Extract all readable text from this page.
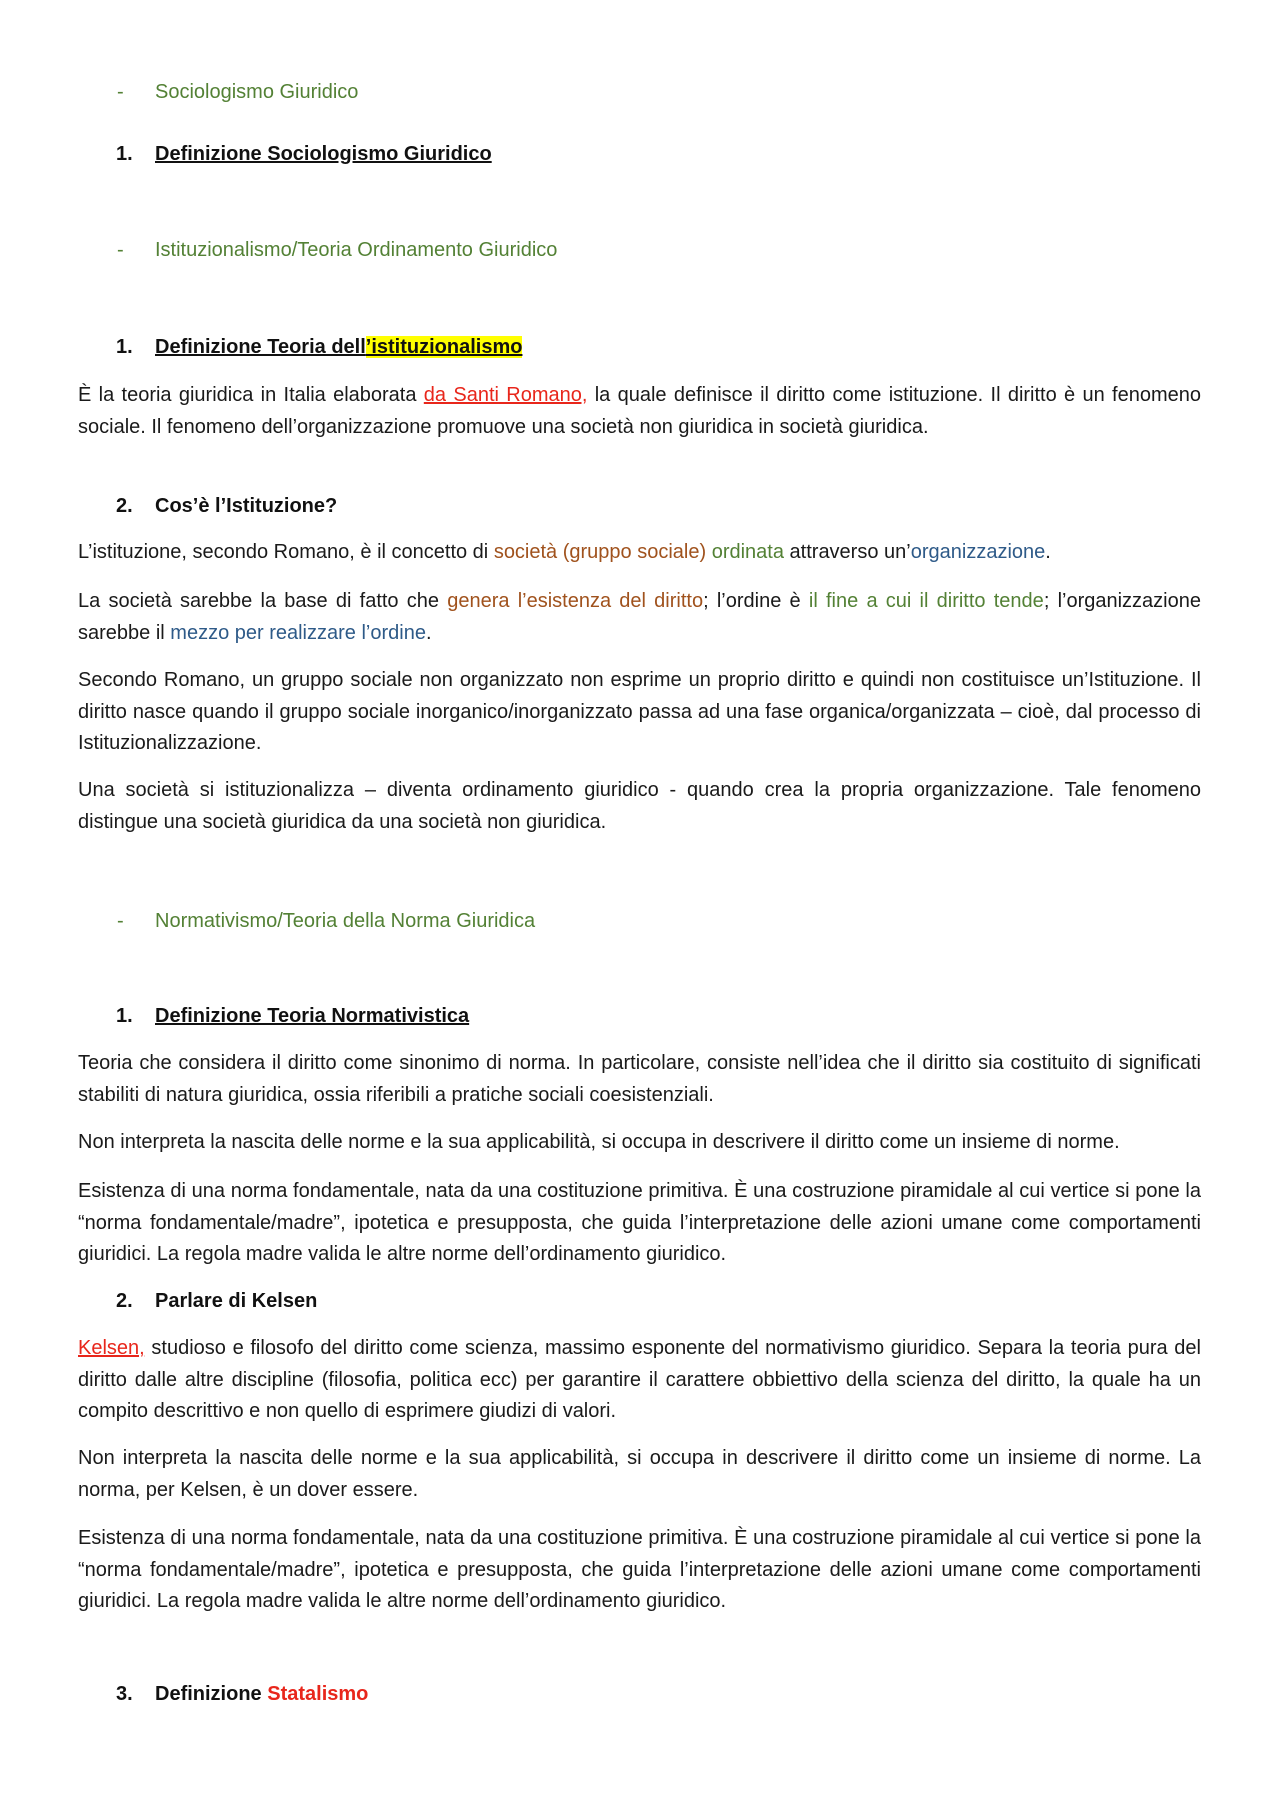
- Sociologismo Giuridico
1. Definizione Sociologismo Giuridico
- Istituzionalismo/Teoria Ordinamento Giuridico
1. Definizione Teoria dell’istituzionalismo

È la teoria giuridica in Italia elaborata da Santi Romano, la quale definisce il diritto come istituzione. Il diritto è un fenomeno sociale. Il fenomeno dell’organizzazione promuove una società non giuridica in società giuridica.

2. Cos’è l’Istituzione?

L’istituzione, secondo Romano, è il concetto di società (gruppo sociale) ordinata attraverso un’organizzazione.

La società sarebbe la base di fatto che genera l’esistenza del diritto; l’ordine è il fine a cui il diritto tende; l’organizzazione sarebbe il mezzo per realizzare l’ordine.

Secondo Romano, un gruppo sociale non organizzato non esprime un proprio diritto e quindi non costituisce un’Istituzione. Il diritto nasce quando il gruppo sociale inorganico/inorganizzato passa ad una fase organica/organizzata – cioè, dal processo di Istituzionalizzazione.

Una società si istituzionalizza – diventa ordinamento giuridico - quando crea la propria organizzazione. Tale fenomeno distingue una società giuridica da una società non giuridica.

- Normativismo/Teoria della Norma Giuridica
1. Definizione Teoria Normativistica

Teoria che considera il diritto come sinonimo di norma. In particolare, consiste nell’idea che il diritto sia costituito di significati stabiliti di natura giuridica, ossia riferibili a pratiche sociali coesistenziali.

Non interpreta la nascita delle norme e la sua applicabilità, si occupa in descrivere il diritto come un insieme di norme.

Esistenza di una norma fondamentale, nata da una costituzione primitiva. È una costruzione piramidale al cui vertice si pone la “norma fondamentale/madre”, ipotetica e presupposta, che guida l’interpretazione delle azioni umane come comportamenti giuridici. La regola madre valida le altre norme dell’ordinamento giuridico.

2. Parlare di Kelsen

Kelsen, studioso e filosofo del diritto come scienza, massimo esponente del normativismo giuridico. Separa la teoria pura del diritto dalle altre discipline (filosofia, politica ecc) per garantire il carattere obbiettivo della scienza del diritto, la quale ha un compito descrittivo e non quello di esprimere giudizi di valori.

Non interpreta la nascita delle norme e la sua applicabilità, si occupa in descrivere il diritto come un insieme di norme. La norma, per Kelsen, è un dover essere.

Esistenza di una norma fondamentale, nata da una costituzione primitiva. È una costruzione piramidale al cui vertice si pone la “norma fondamentale/madre”, ipotetica e presupposta, che guida l’interpretazione delle azioni umane come comportamenti giuridici. La regola madre valida le altre norme dell’ordinamento giuridico.

3. Definizione Statalismo
